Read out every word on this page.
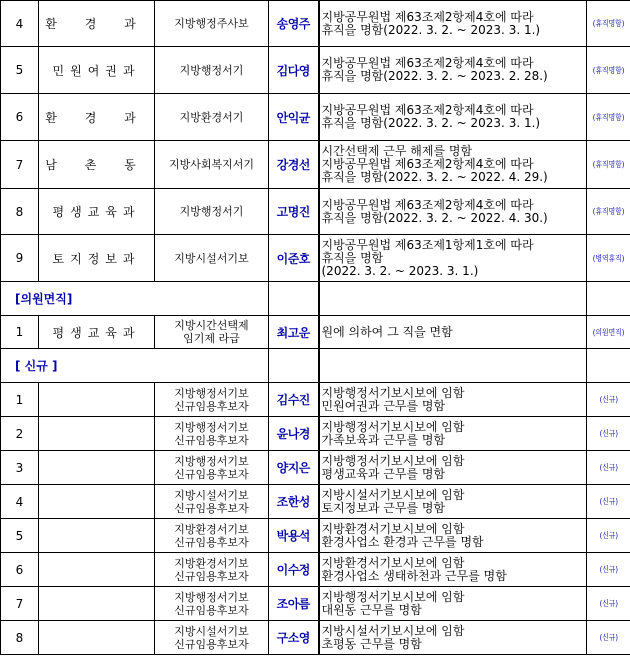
4	환 경 과	지방행정주사보	송영주	지방공무원법 제63조제2항제4호에 따라
휴직을 명함(2022. 3. 2. ~ 2023. 3. 1.)	(휴직명함)
5	민원여권과	지방행정서기	김다영	지방공무원법 제63조제2항제4호에 따라
휴직을 명함(2022. 3. 2. ~ 2023. 2. 28.)	(휴직명함)
6	환 경 과	지방환경서기	안익균	지방공무원법 제63조제2항제4호에 따라
휴직을 명함(2022. 3. 2. ~ 2023. 3. 1.)	(휴직명함)
7	남 촌 동	지방사회복지서기	강경선	시간선택제 근무 해제를 명함
지방공무원법 제63조제2항제4호에 따라
휴직을 명함(2022. 3. 2. ~ 2022. 4. 29.)	(휴직명함)
8	평생교육과	지방행정서기	고명진	지방공무원법 제63조제2항제4호에 따라
휴직을 명함(2022. 3. 2. ~ 2022. 4. 30.)	(휴직명함)
9	토지정보과	지방시설서기보	이준호	지방공무원법 제63조제1항제1호에 따라
휴직을 명함
(2022. 3. 2. ~ 2023. 3. 1.)	(병역휴직)
[의원면직]					
1	평생교육과	지방시간선택제
임기제 라급	최고운	원에 의하여 그 직을 면함	(의원면직)
[ 신규 ]					
1		지방행정서기보
신규임용후보자	김수진	지방행정서기보시보에 임함
민원여권과 근무를 명함	(신규)
2		지방행정서기보
신규임용후보자	윤나경	지방행정서기보시보에 임함
가족보육과 근무를 명함	(신규)
3		지방행정서기보
신규임용후보자	양지은	지방행정서기보시보에 임함
평생교육과 근무를 명함	(신규)
4		지방시설서기보
신규임용후보자	조한성	지방시설서기보시보에 임함
토지정보과 근무를 명함	(신규)
5		지방환경서기보
신규임용후보자	박용석	지방환경서기보시보에 임함
환경사업소 환경과 근무를 명함	(신규)
6		지방환경서기보
신규임용후보자	이수정	지방환경서기보시보에 임함
환경사업소 생태하천과 근무를 명함	(신규)
7		지방행정서기보
신규임용후보자	조아름	지방행정서기보시보에 임함
대원동 근무를 명함	(신규)
8		지방시설서기보
신규임용후보자	구소영	지방시설서기보시보에 임함
초평동 근무를 명함	(신규)
